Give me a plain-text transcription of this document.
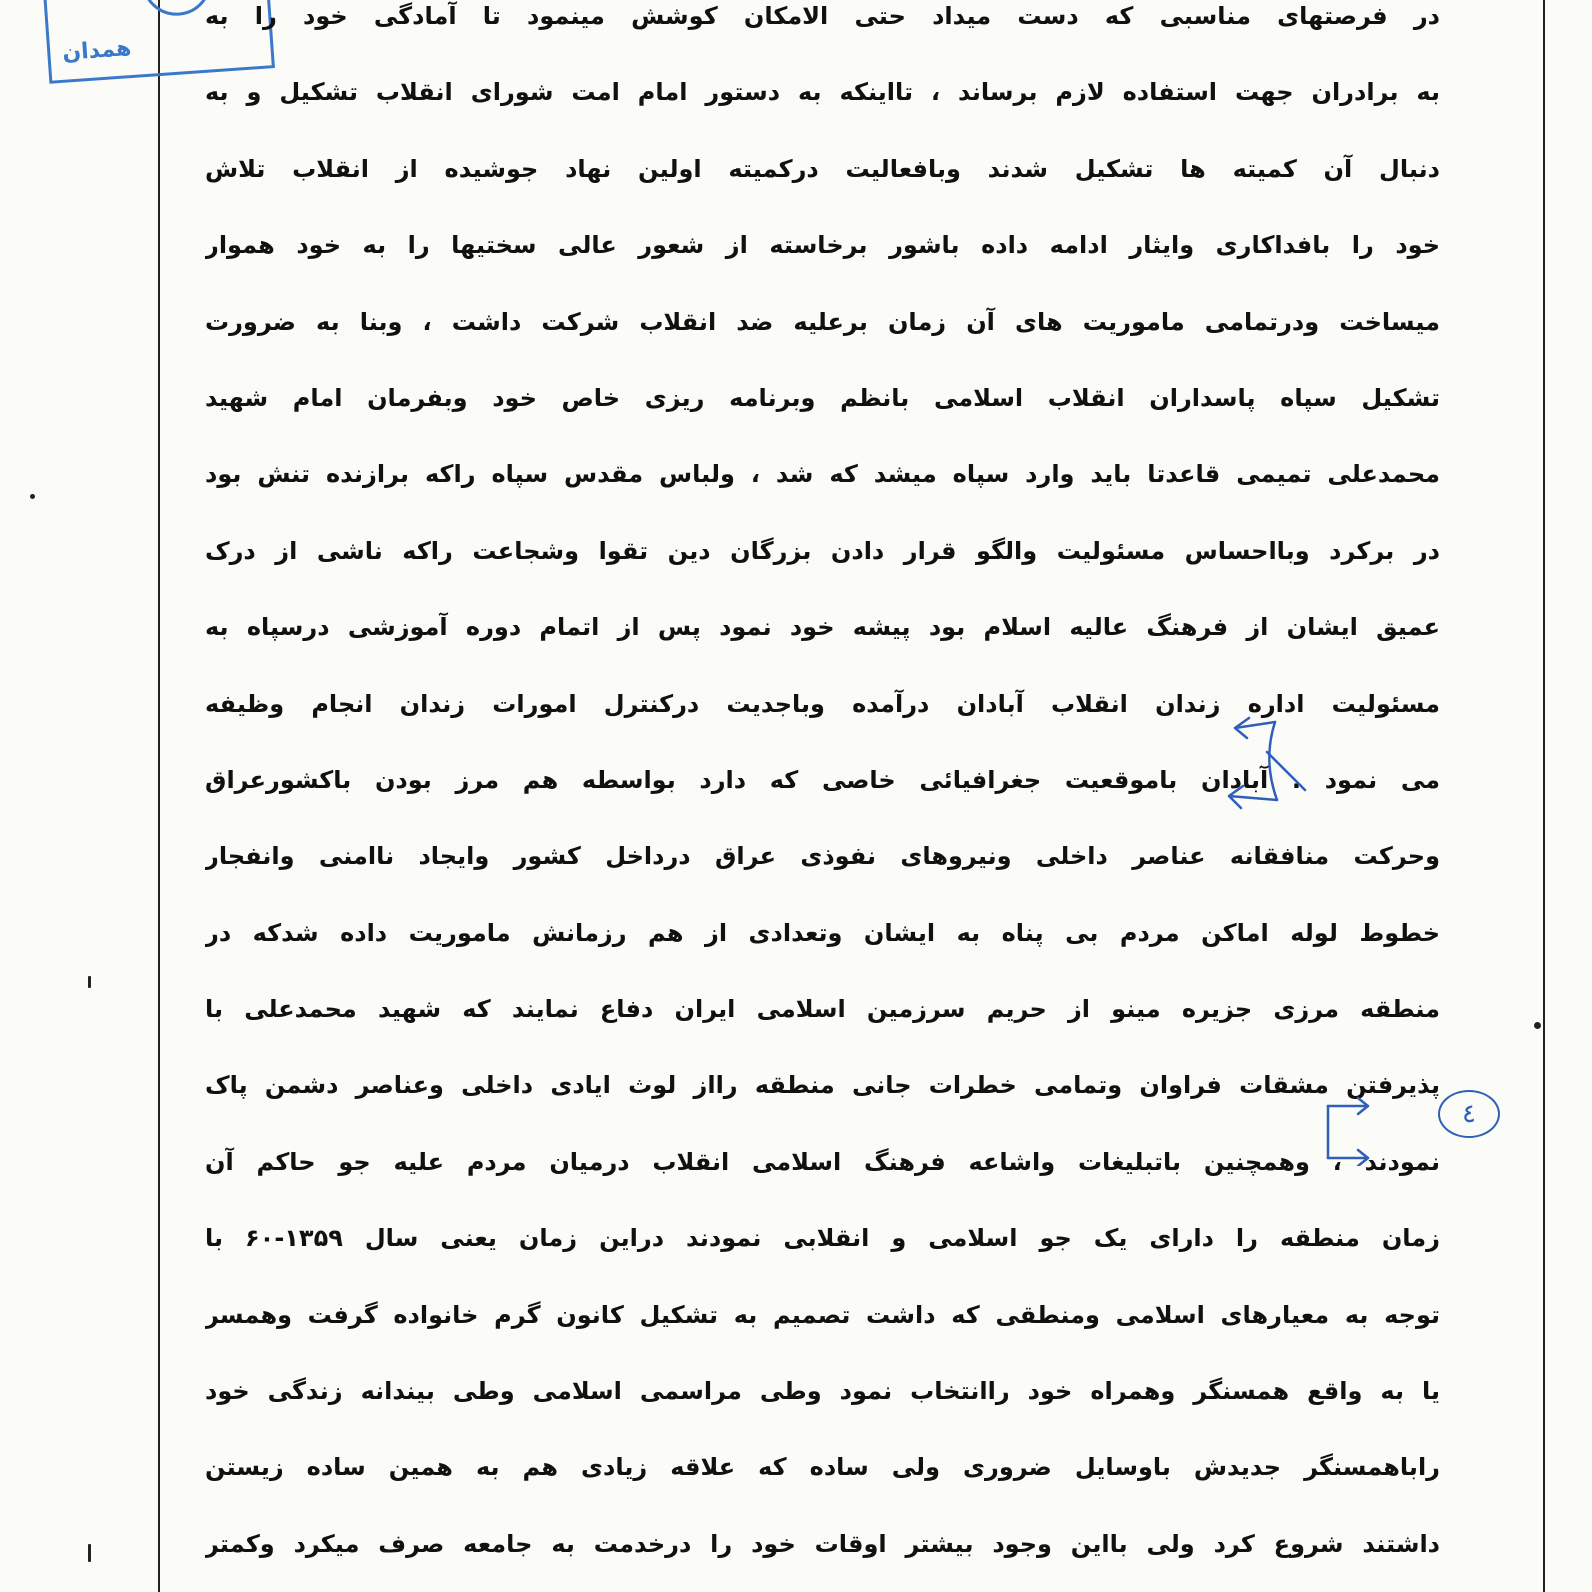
همدان
در فرصتهای مناسبی که دست میداد حتی الامکان کوشش مینمود تا آمادگی خود را به
به برادران جهت استفاده لازم برساند ، تااینکه به دستور امام امت شورای انقلاب تشکیل و به
دنبال آن کمیته ها تشکیل شدند وبافعالیت درکمیته اولین نهاد جوشیده از انقلاب تلاش
خود را بافداکاری وایثار ادامه داده باشور برخاسته از شعور عالی سختیها را به خود هموار
میساخت ودرتمامی ماموریت های آن زمان برعلیه ضد انقلاب شرکت داشت ، وبنا به ضرورت
تشکیل سپاه پاسداران انقلاب اسلامی بانظم وبرنامه ریزی خاص خود وبفرمان امام شهید
محمدعلی تمیمی قاعدتا باید وارد سپاه میشد که شد ، ولباس مقدس سپاه راکه برازنده تنش بود
در برکرد وبااحساس مسئولیت والگو قرار دادن بزرگان دین تقوا وشجاعت راکه ناشی از درک
عمیق ایشان از فرهنگ عالیه اسلام بود پیشه خود نمود پس از اتمام دوره آموزشی درسپاه به
مسئولیت اداره زندان انقلاب آبادان درآمده وباجدیت درکنترل امورات زندان انجام وظیفه
می نمود . آبادان باموقعیت جغرافیائی خاصی که دارد بواسطه هم مرز بودن باکشورعراق
وحرکت منافقانه عناصر داخلی ونیروهای نفوذی عراق درداخل کشور وایجاد ناامنی وانفجار
خطوط لوله اماکن مردم بی پناه به ایشان وتعدادی از هم رزمانش ماموریت داده شدکه در
منطقه مرزی جزیره مینو از حریم سرزمین اسلامی ایران دفاع نمایند که شهید محمدعلی با
پذیرفتن مشقات فراوان وتمامی خطرات جانی منطقه رااز لوث ایادی داخلی وعناصر دشمن پاک
نمودند ، وهمچنین باتبلیغات واشاعه فرهنگ اسلامی انقلاب درمیان مردم علیه جو حاکم آن
زمان منطقه را دارای یک جو اسلامی و انقلابی نمودند دراین زمان یعنی سال ۱۳۵۹-۶۰ با
توجه به معیارهای اسلامی ومنطقی که داشت تصمیم به تشکیل کانون گرم خانواده گرفت وهمسر
یا به واقع همسنگر وهمراه خود راانتخاب نمود وطی مراسمی اسلامی وطی بیندانه زندگی خود
راباهمسنگر جدیدش باوسایل ضروری ولی ساده که علاقه زیادی هم به همین ساده زیستن
داشتند شروع کرد ولی بااین وجود بیشتر اوقات خود را درخدمت به جامعه صرف میکرد وکمتر
٤
